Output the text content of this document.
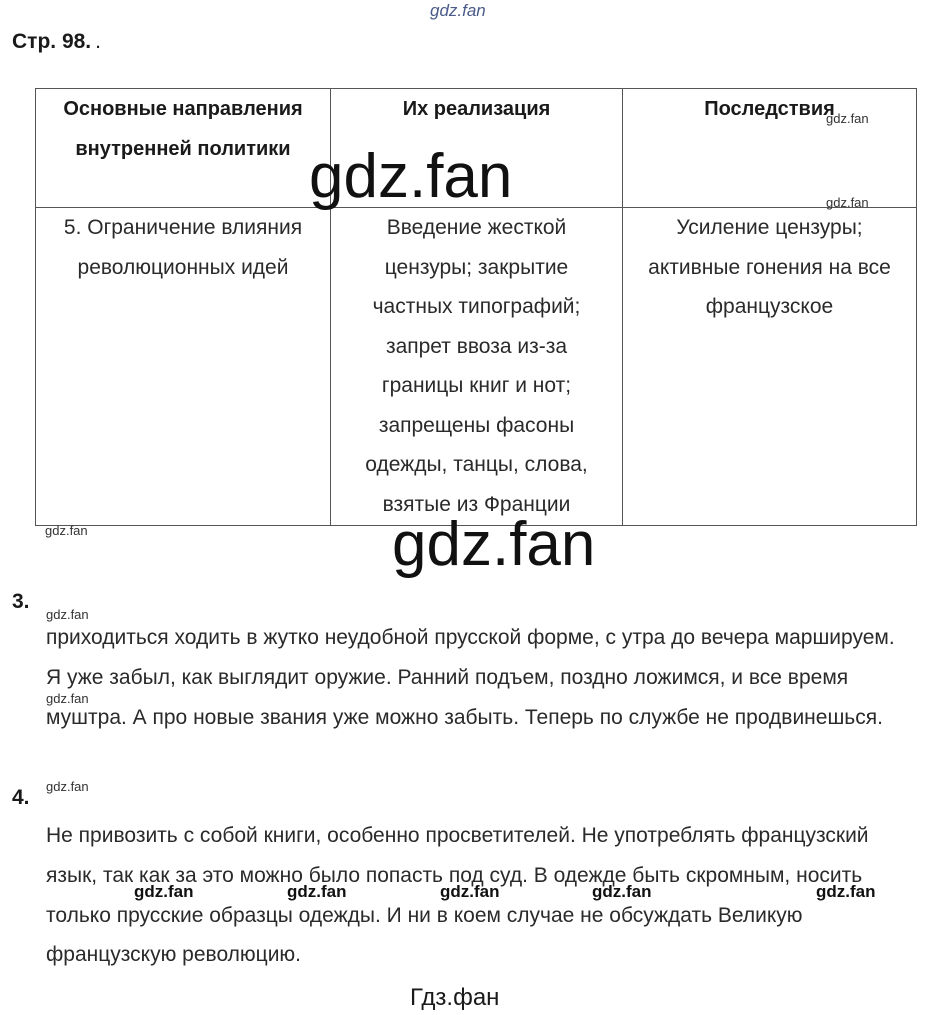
gdz.fan
Стр. 98. .
Основные направления внутренней политики	Их реализация	Последствия
5. Ограничение влияния революционных идей	Введение жесткой цензуры; закрытие частных типографий; запрет ввоза из-за границы книг и нот; запрещены фасоны одежды, танцы, слова, взятые из Франции	Усиление цензуры; активные гонения на все французское
gdz.fan
gdz.fan
gdz.fan
gdz.fan	gdz.fan
3.
gdz.fan
приходиться ходить в жутко неудобной прусской форме, с утра до вечера маршируем. Я уже забыл, как выглядит оружие. Ранний подъем, поздно ложимся, и все время муштра. А про новые звания уже можно забыть. Теперь по службе не продвинешься.
gdz.fan
gdz.fan
4.
Не привозить с собой книги, особенно просветителей. Не употреблять французский язык, так как за это можно было попасть под суд. В одежде быть скромным, носить только прусские образцы одежды. И ни в коем случае не обсуждать Великую французскую революцию.
gdz.fan	gdz.fan	gdz.fan	gdz.fan	gdz.fan
Гдз.фан
